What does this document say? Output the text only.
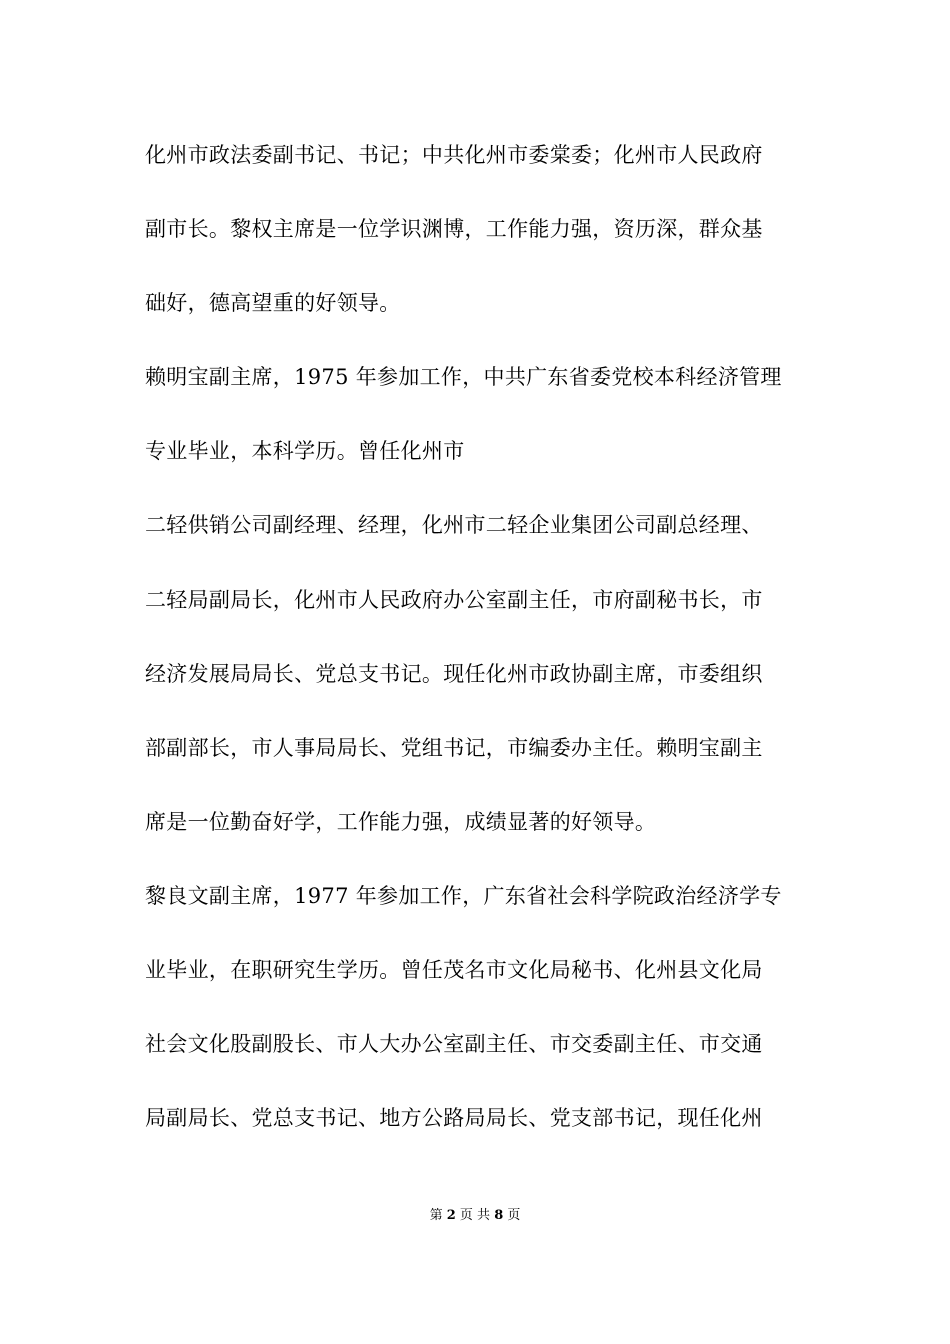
化州市政法委副书记、书记；中共化州市委棠委；化州市人民政府
副市长。黎权主席是一位学识渊博，工作能力强，资历深，群众基
础好，德高望重的好领导。
赖明宝副主席，1975 年参加工作，中共广东省委党校本科经济管理
专业毕业，本科学历。曾任化州市
二轻供销公司副经理、经理，化州市二轻企业集团公司副总经理、
二轻局副局长，化州市人民政府办公室副主任，市府副秘书长，市
经济发展局局长、党总支书记。现任化州市政协副主席，市委组织
部副部长，市人事局局长、党组书记，市编委办主任。赖明宝副主
席是一位勤奋好学，工作能力强，成绩显著的好领导。
黎良文副主席，1977 年参加工作，广东省社会科学院政治经济学专
业毕业，在职研究生学历。曾任茂名市文化局秘书、化州县文化局
社会文化股副股长、市人大办公室副主任、市交委副主任、市交通
局副局长、党总支书记、地方公路局局长、党支部书记，现任化州
第 2 页 共 8 页
